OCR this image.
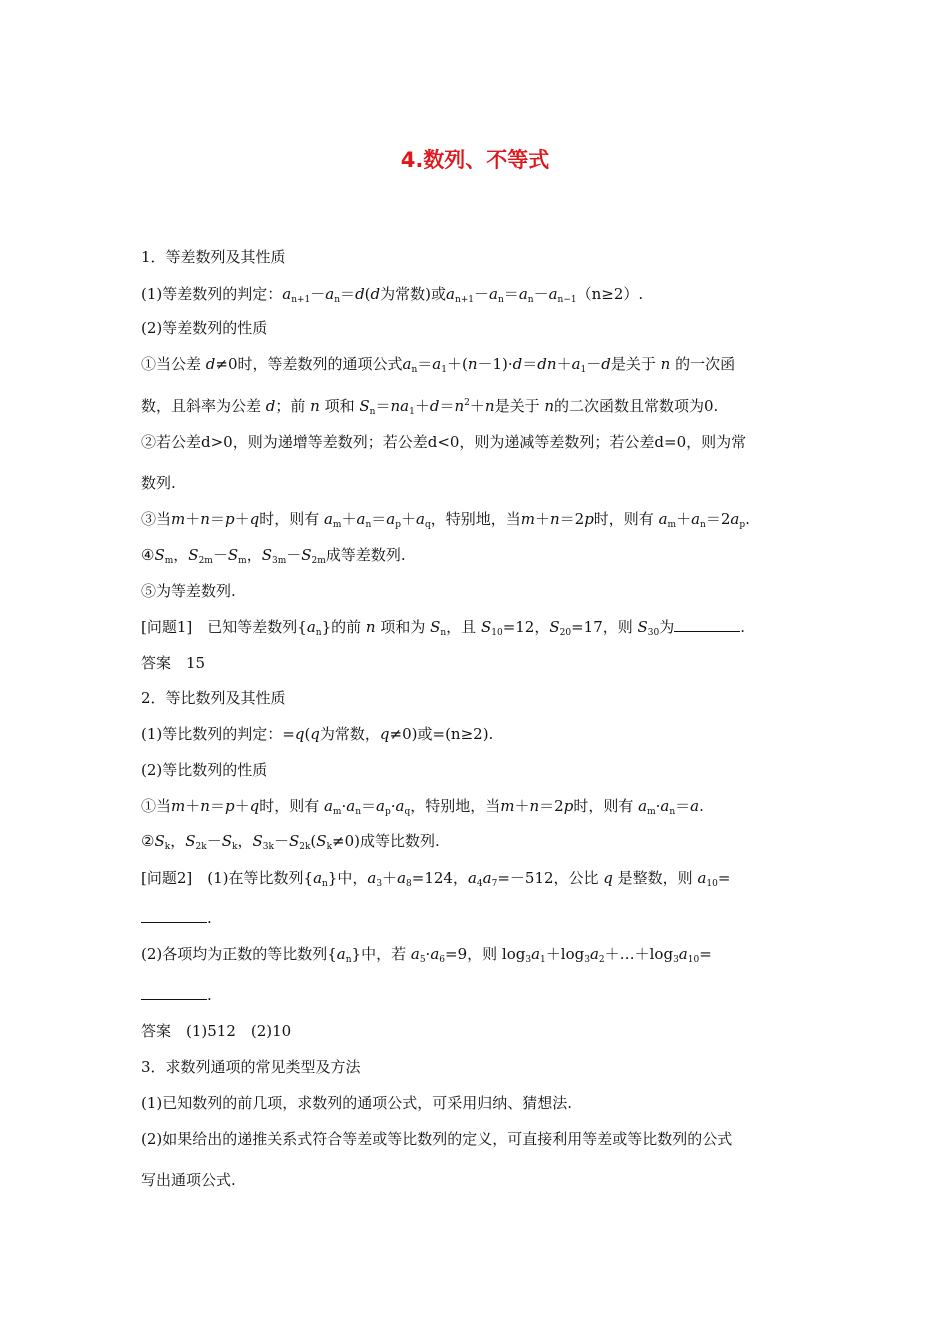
4.数列、不等式
1．等差数列及其性质
(1)等差数列的判定：$a_{n+1}-a_n=d(d$为常数)或$a_{n+1}-a_n=a_n-a_{n-1}(n\ge 2)$.
(2)等差数列的性质
①当公差 d≠0时，等差数列的通项公式$a_n=a_1+(n-1)\cdot d=dn+a_1-d$是关于 n 的一次函
数，且斜率为公差 d；前 n 项和 $S_n=na_1+d=n^2+n$是关于 n的二次函数且常数项为0.
②若公差d>0，则为递增等差数列；若公差d<0，则为递减等差数列；若公差d=0，则为常
数列.
③当m＋n＝p＋q时，则有 $a_m+a_n=a_p+a_q$，特别地，当m＋n＝2p时，则有 $a_m+a_n=2a_p$.
$④S_m$，$S_{2m}-S_m$，$S_{3m}-S_{2m}$成等差数列.
⑤为等差数列.
[问题1]　 已知等差数列$\{a_n\}$的前 n 项和为 $S_n$，且 $S_{10}=12$，$S_{20}=17$，则 $S_{30}$为	.
答案　15
2．等比数列及其性质
(1)等比数列的判定：=q(q为常数，q≠0)或=(n≥2).
(2)等比数列的性质
①当m＋n＝p＋q时，则有 $a_m\cdot a_n=a_p\cdot a_q$，特别地，当m＋n＝2p时，则有 $a_m\cdot a_n=a$.
$②S_k$，$S_{2k}-S_k$，$S_{3k}-S_{2k}(S_k\ne 0)$成等比数列.
[问题2]　 (1)在等比数列$\{a_n\}$中，$a_3+a_8=124$，$a_4a_7=-512$，公比 q 是整数，则 $a_{10}=$
.
(2)各项均为正数的等比数列$\{a_n\}$中，若 $a_5\cdot a_6=9$，则 $\log_3a_1+\log_3a_2+\dots+\log_3a_{10}=$
.
答案　(1)512　(2)10
3．求数列通项的常见类型及方法
(1)已知数列的前几项，求数列的通项公式，可采用归纳、猜想法.
(2)如果给出的递推关系式符合等差或等比数列的定义，可直接利用等差或等比数列的公式
写出通项公式.
